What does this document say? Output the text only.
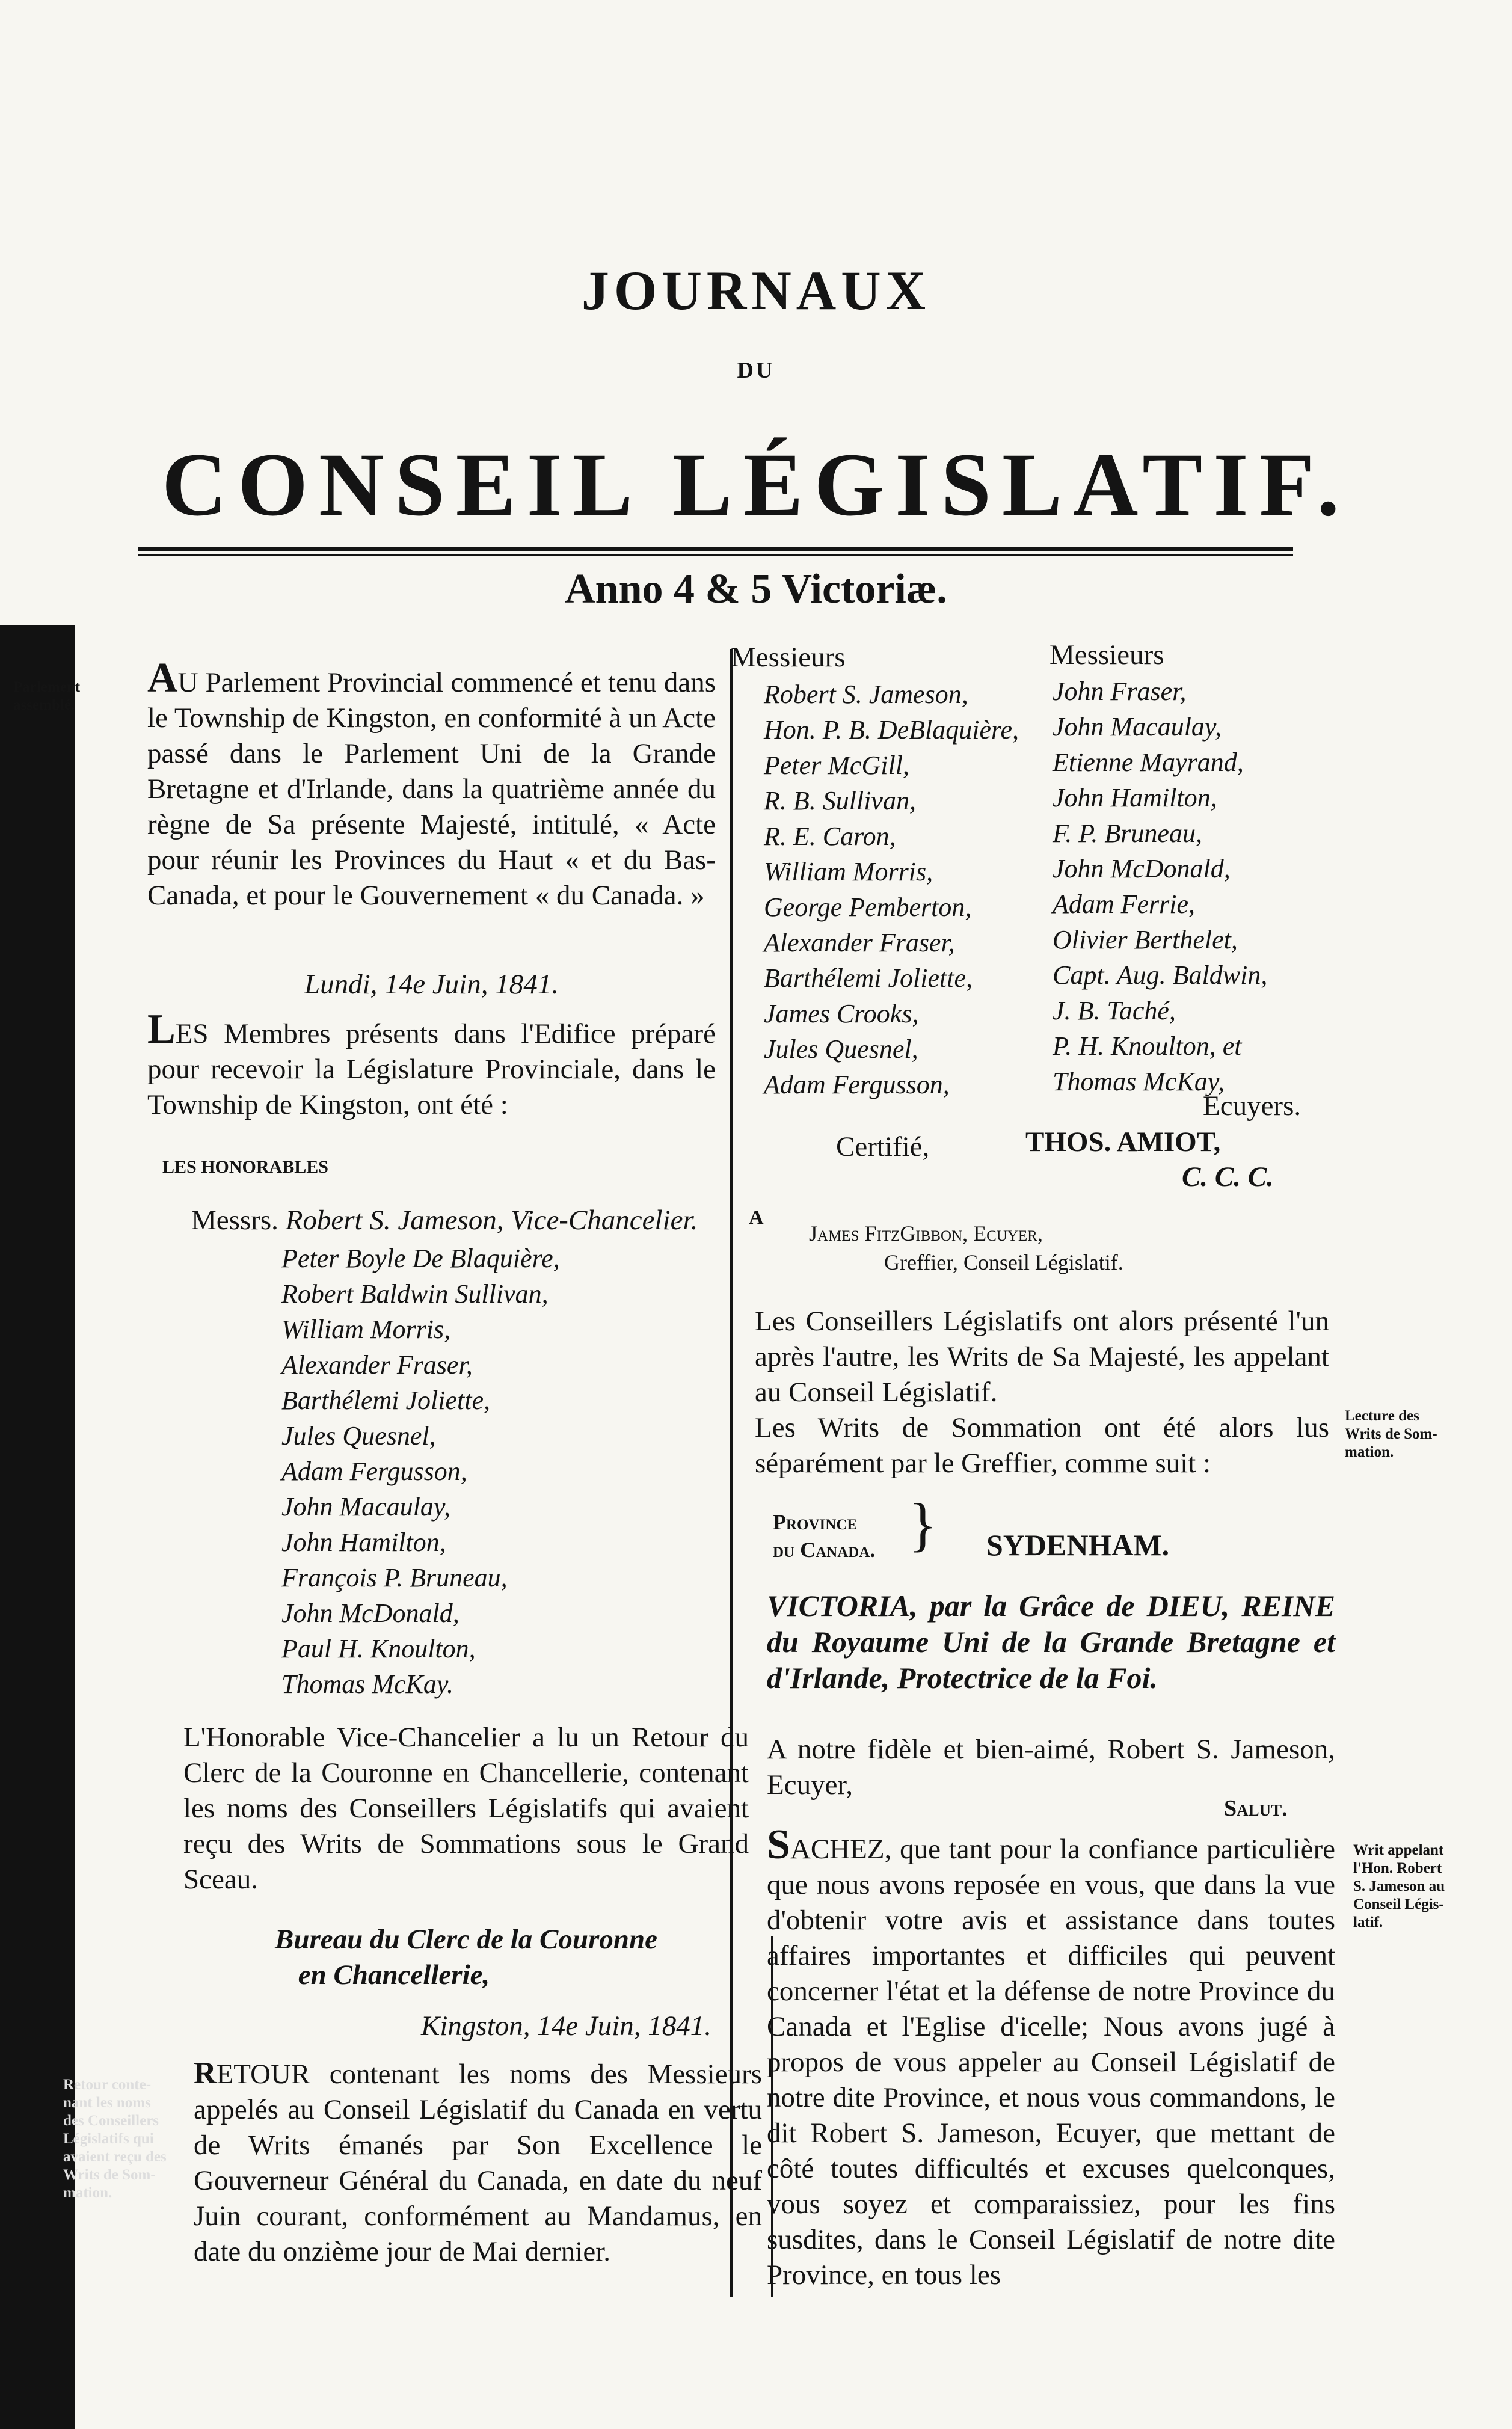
JOURNAUX
DU
CONSEIL LÉGISLATIF.
Anno 4 & 5 Victoriæ.
Parlement
assemblé.
Retour conte-
nant les noms
des Conseillers
Législatifs qui
avaient reçu des
Writs de Som-
mation.
Lecture des
Writs de Som-
mation.
Writ appelant
l'Hon. Robert
S. Jameson au
Conseil Légis-
latif.
AU Parlement Provincial commencé et tenu dans le Township de Kingston, en conformité à un Acte passé dans le Parlement Uni de la Grande Bretagne et d'Irlande, dans la quatrième année du règne de Sa présente Majesté, intitulé, « Acte pour réunir les Provinces du Haut « et du Bas-Canada, et pour le Gouvernement « du Canada. »
Lundi, 14e Juin, 1841.
LES Membres présents dans l'Edifice préparé pour recevoir la Législature Provinciale, dans le Township de Kingston, ont été :
LES HONORABLES
Messrs. Robert S. Jameson, Vice-Chancelier.
Peter Boyle De Blaquière,
Robert Baldwin Sullivan,
William Morris,
Alexander Fraser,
Barthélemi Joliette,
Jules Quesnel,
Adam Fergusson,
John Macaulay,
John Hamilton,
François P. Bruneau,
John McDonald,
Paul H. Knoulton,
Thomas McKay.
L'Honorable Vice-Chancelier a lu un Retour du Clerc de la Couronne en Chancellerie, contenant les noms des Conseillers Législatifs qui avaient reçu des Writs de Sommations sous le Grand Sceau.
Bureau du Clerc de la Couronne
en Chancellerie,
Kingston, 14e Juin, 1841.
RETOUR contenant les noms des Messieurs appelés au Conseil Législatif du Canada en vertu de Writs émanés par Son Excellence le Gouverneur Général du Canada, en date du neuf Juin courant, conformément au Mandamus, en date du onzième jour de Mai dernier.
Messieurs	Messieurs
Robert S. Jameson,
Hon. P. B. DeBlaquière,
Peter McGill,
R. B. Sullivan,
R. E. Caron,
William Morris,
George Pemberton,
Alexander Fraser,
Barthélemi Joliette,
James Crooks,
Jules Quesnel,
Adam Fergusson,
John Fraser,
John Macaulay,
Etienne Mayrand,
John Hamilton,
F. P. Bruneau,
John McDonald,
Adam Ferrie,
Olivier Berthelet,
Capt. Aug. Baldwin,
J. B. Taché,
P. H. Knoulton, et
Thomas McKay,
Ecuyers.
Certifié,	THOS. AMIOT,
C. C. C.
A
James FitzGibbon, Ecuyer,
Greffier, Conseil Législatif.
Les Conseillers Législatifs ont alors présenté l'un après l'autre, les Writs de Sa Majesté, les appelant au Conseil Législatif.
Les Writs de Sommation ont été alors lus séparément par le Greffier, comme suit :
Province
du Canada. } SYDENHAM.
VICTORIA, par la Grâce de DIEU, REINE du Royaume Uni de la Grande Bretagne et d'Irlande, Protectrice de la Foi.
A notre fidèle et bien-aimé, Robert S. Jameson, Ecuyer,
Salut.
SACHEZ, que tant pour la confiance particulière que nous avons reposée en vous, que dans la vue d'obtenir votre avis et assistance dans toutes affaires importantes et difficiles qui peuvent concerner l'état et la défense de notre Province du Canada et l'Eglise d'icelle; Nous avons jugé à propos de vous appeler au Conseil Législatif de notre dite Province, et nous vous commandons, le dit Robert S. Jameson, Ecuyer, que mettant de côté toutes difficultés et excuses quelconques, vous soyez et comparaissiez, pour les fins susdites, dans le Conseil Législatif de notre dite Province, en tous les
